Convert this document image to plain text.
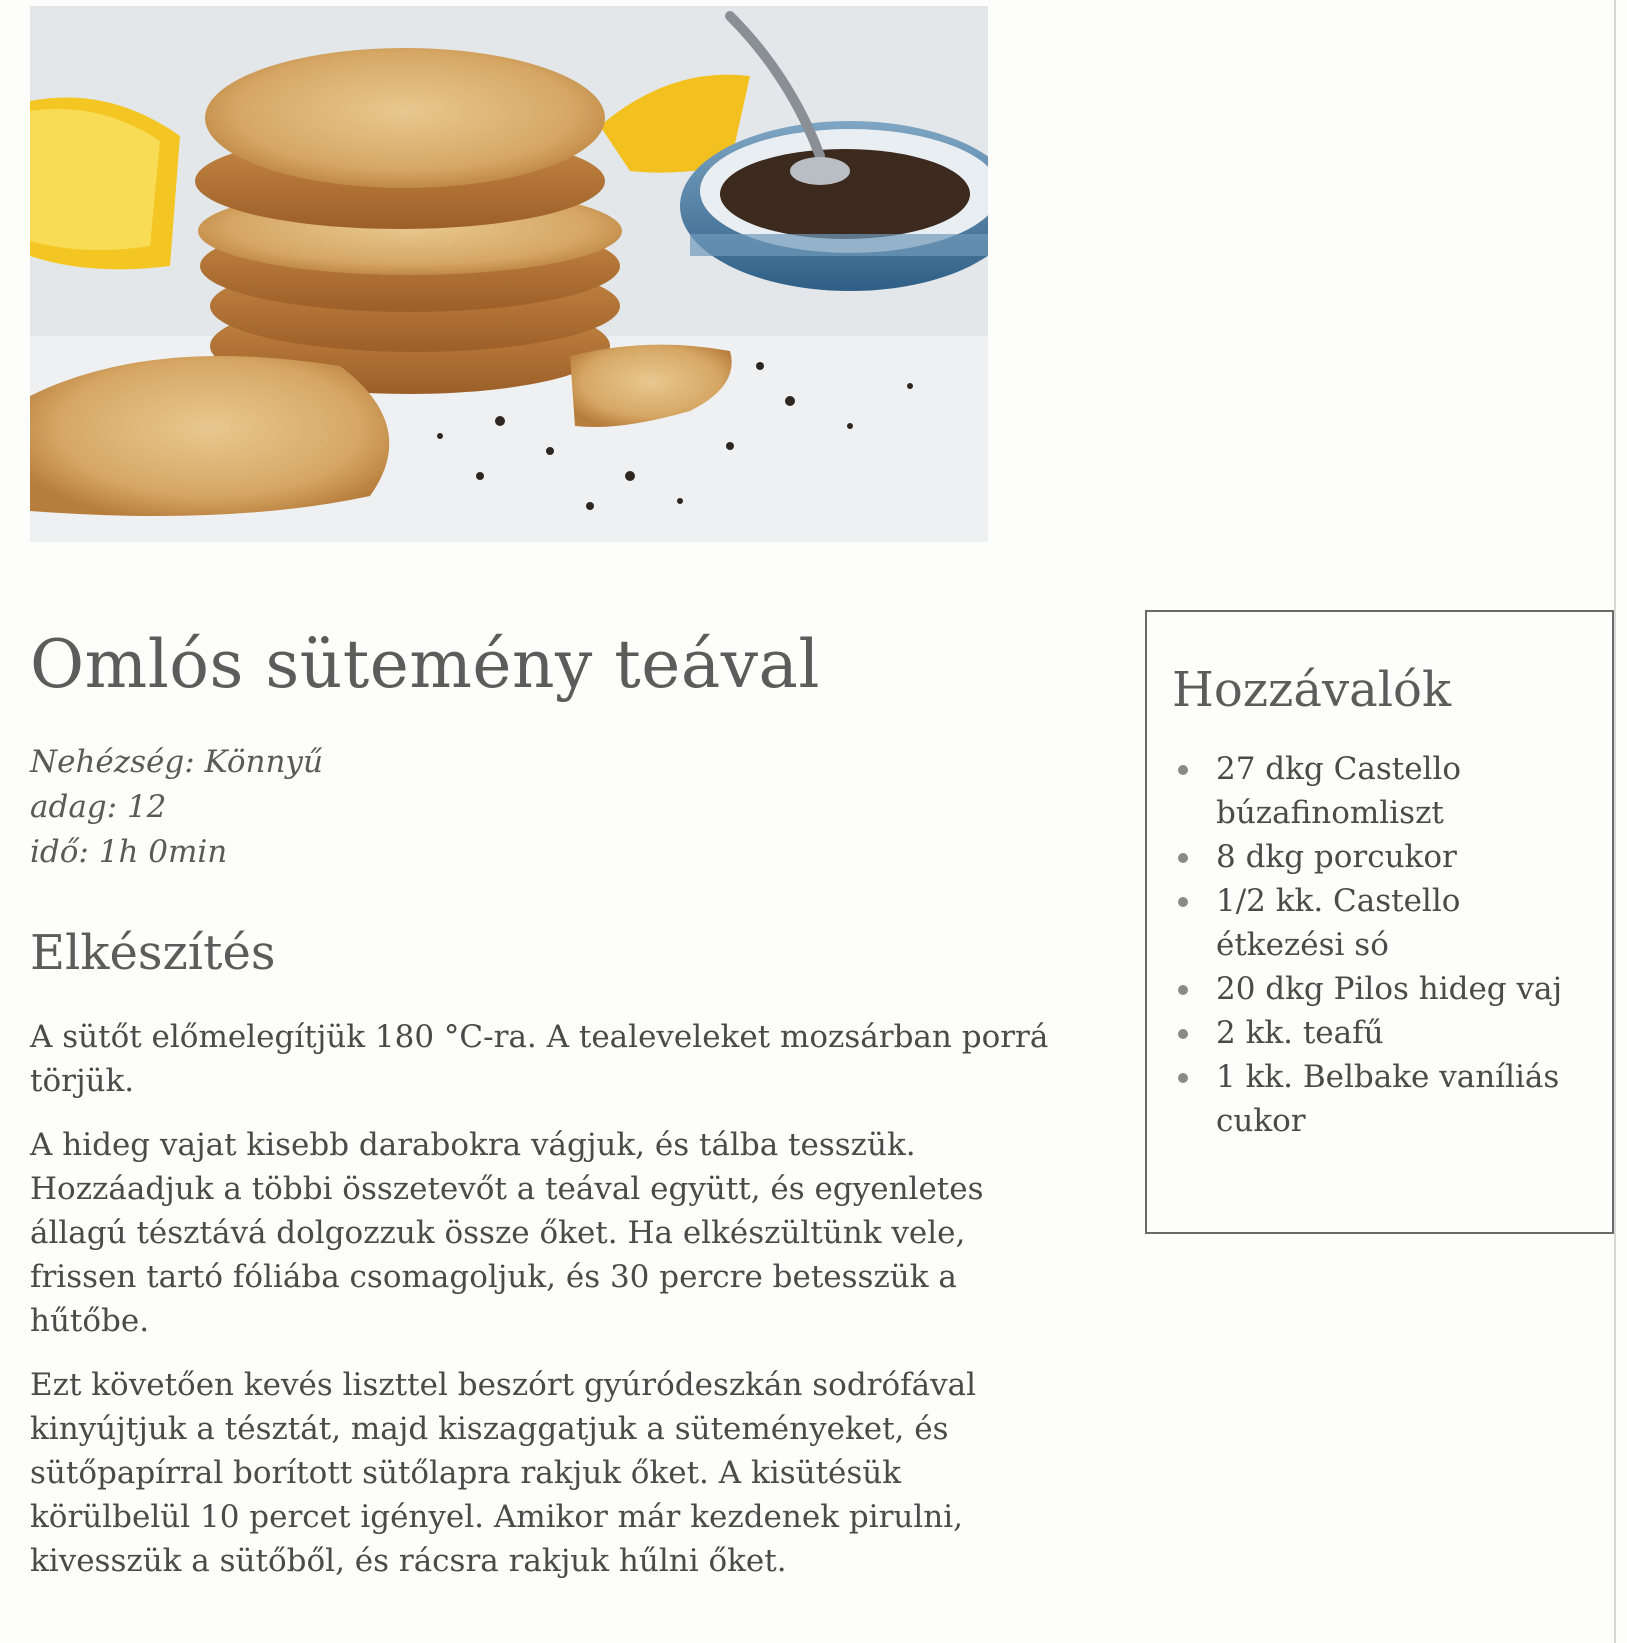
Omlós sütemény teával
Nehézség: Könnyű
adag: 12
idő: 1h 0min
Elkészítés

A sütőt előmelegítjük 180 °C-ra. A tealeveleket mozsárban porrá törjük.

A hideg vajat kisebb darabokra vágjuk, és tálba tesszük. Hozzáadjuk a többi összetevőt a teával együtt, és egyenletes állagú tésztává dolgozzuk össze őket. Ha elkészültünk vele, frissen tartó fóliába csomagoljuk, és 30 percre betesszük a hűtőbe.

Ezt követően kevés liszttel beszórt gyúródeszkán sodrófával kinyújtjuk a tésztát, majd kiszaggatjuk a süteményeket, és sütőpapírral borított sütőlapra rakjuk őket. A kisütésük körülbelül 10 percet igényel. Amikor már kezdenek pirulni, kivesszük a sütőből, és rácsra rakjuk hűlni őket.

Hozzávalók
27 dkg Castello búzafinomliszt
8 dkg porcukor
1/2 kk. Castello étkezési só
20 dkg Pilos hideg vaj
2 kk. teafű
1 kk. Belbake vaníliás cukor
